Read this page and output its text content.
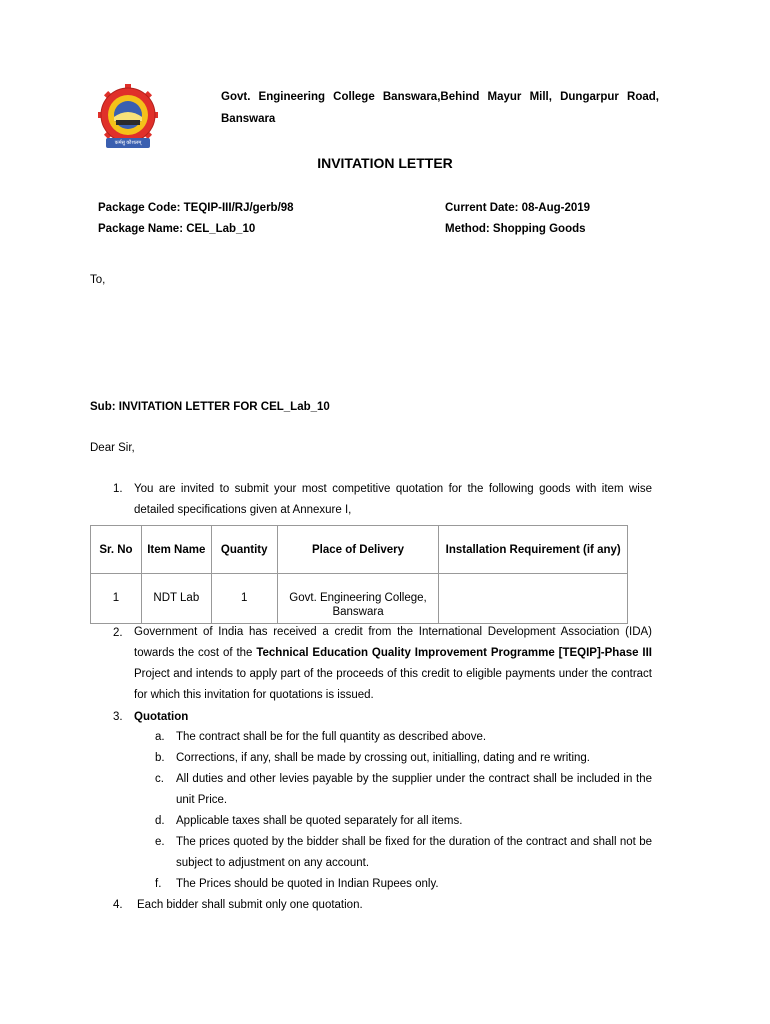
कर्मसु कौशलम्
Govt. Engineering College Banswara,Behind Mayur Mill, Dungarpur Road, Banswara
INVITATION LETTER
Package Code: TEQIP-III/RJ/gerb/98	Current Date: 08-Aug-2019
Package Name: CEL_Lab_10	Method: Shopping Goods
To,
Sub: INVITATION LETTER FOR CEL_Lab_10
Dear Sir,
1. You are invited to submit your most competitive quotation for the following goods with item wise detailed specifications given at Annexure I,
Sr. No	Item Name	Quantity	Place of Delivery	Installation Requirement (if any)
1	NDT Lab	1	Govt. Engineering College, Banswara	
2. Government of India has received a credit from the International Development Association (IDA) towards the cost of the Technical Education Quality Improvement Programme [TEQIP]-Phase III Project and intends to apply part of the proceeds of this credit to eligible payments under the contract for which this invitation for quotations is issued.
3. Quotation
a. The contract shall be for the full quantity as described above.
b. Corrections, if any, shall be made by crossing out, initialling, dating and re writing.
c. All duties and other levies payable by the supplier under the contract shall be included in the unit Price.
d. Applicable taxes shall be quoted separately for all items.
e. The prices quoted by the bidder shall be fixed for the duration of the contract and shall not be subject to adjustment on any account.
f. The Prices should be quoted in Indian Rupees only.
4. Each bidder shall submit only one quotation.
